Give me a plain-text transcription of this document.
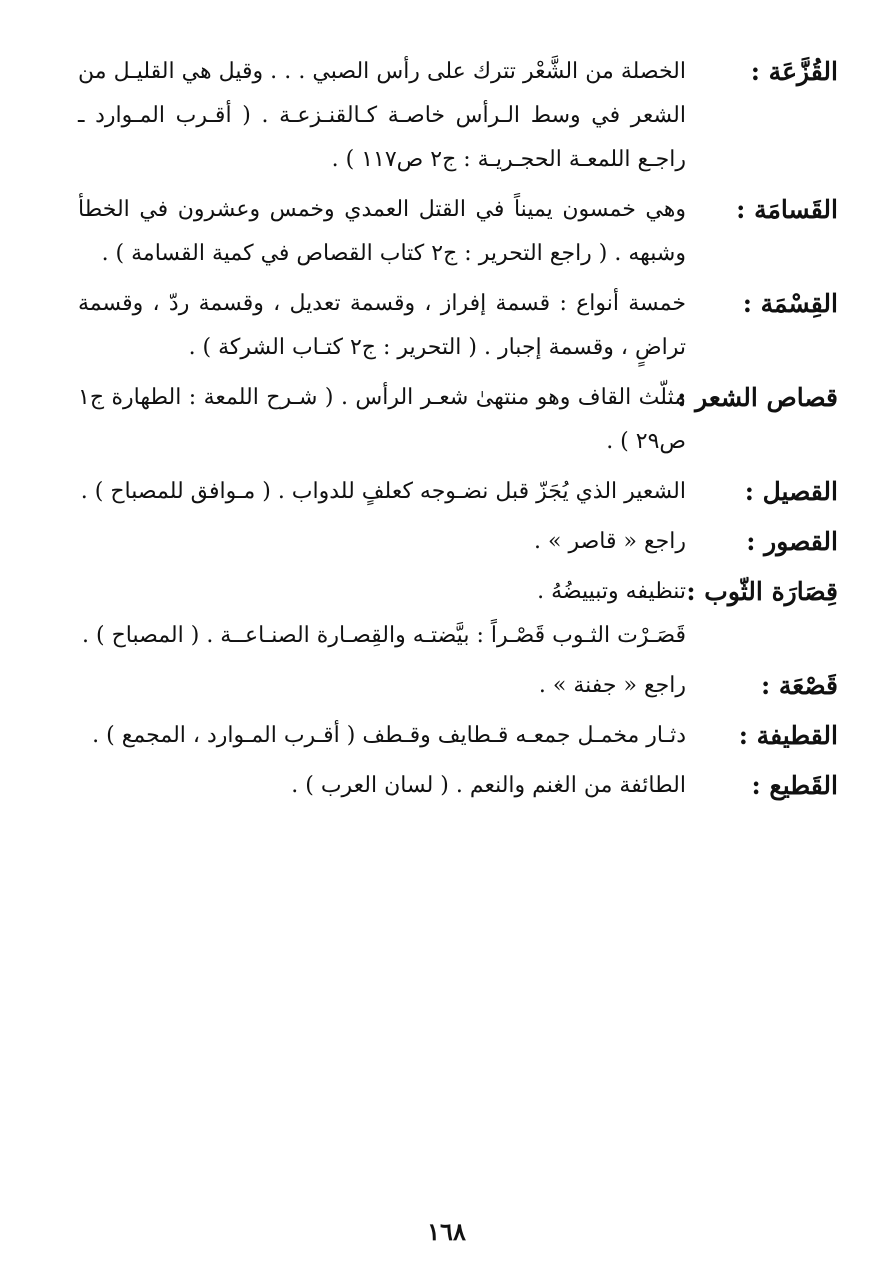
القُزَّعَة :

الخصلة من الشَّعْر تترك على رأس الصبي . . . وقيل هي القليـل من الشعر في وسط الـرأس خاصـة كـالقنـزعـة . ( أقـرب المـوارد ـ راجـع اللمعـة الحجـريـة : ج٢ ص١١٧ ) .

القَسامَة :

وهي خمسون يميناً في القتل العمدي وخمس وعشرون في الخطأ وشبهه . ( راجع التحرير : ج٢ كتاب القصاص في كمية القسامة ) .

القِسْمَة :

خمسة أنواع : قسمة إفراز ، وقسمة تعديل ، وقسمة ردّ ، وقسمة تراضٍ ، وقسمة إجبار . ( التحرير : ج٢ كتـاب الشركة ) .

قصاص الشعر :

مثلّث القاف وهو منتهىٰ شعـر الرأس . ( شـرح اللمعة : الطهارة ج١ ص٢٩ ) .

القصيل :

الشعير الذي يُجَزّ قبل نضـوجه كعلفٍ للدواب . ( مـوافق للمصباح ) .

القصور :

راجع « قاصر » .

قِصَارَة الثّوب :

تنظيفه وتبييضُهُ .

قَصَـرْت الثـوب قَصْـراً : بيَّضتـه والقِصـارة الصنـاعــة . ( المصباح ) .

قَصْعَة :

راجع « جفنة » .

القطيفة :

دثـار مخمـل جمعـه قـطايف وقـطف ( أقـرب المـوارد ، المجمع ) .

القَطيع :

الطائفة من الغنم والنعم . ( لسان العرب ) .

١٦٨
